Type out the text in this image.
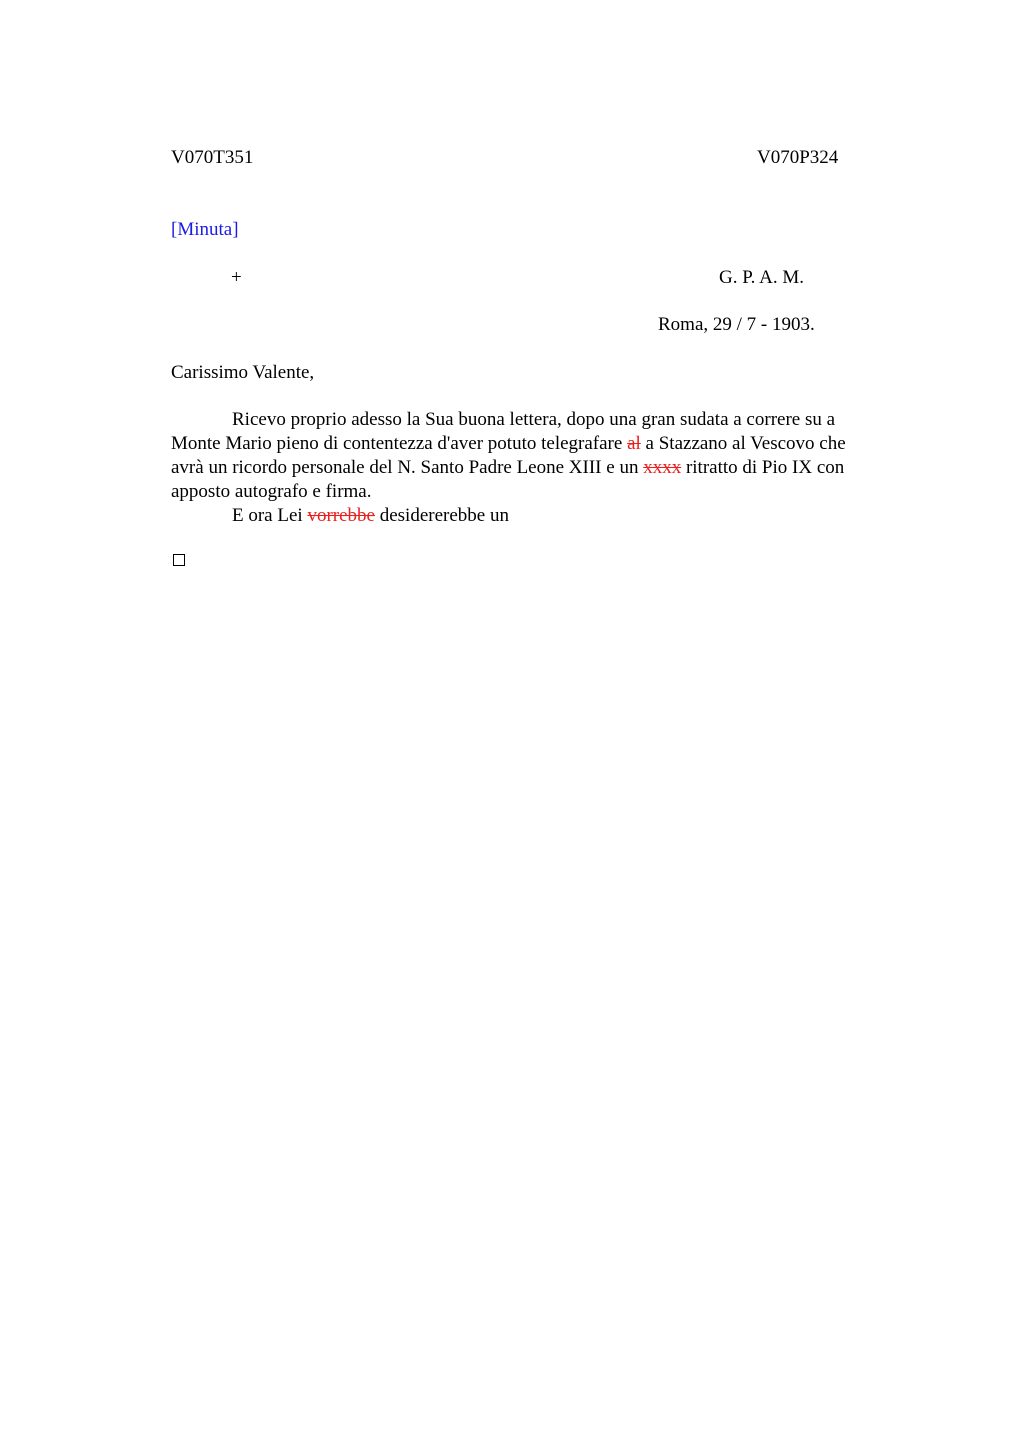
V070T351	V070P324
[Minuta]
+	G. P. A. M.
Roma, 29 / 7 - 1903.
Carissimo Valente,
Ricevo proprio adesso la Sua buona lettera, dopo una gran sudata a correre su a
Monte Mario pieno di contentezza d'aver potuto telegrafare al a Stazzano al Vescovo che
avrà un ricordo personale del N. Santo Padre Leone XIII e un xxxx ritratto di Pio IX con
apposto autografo e firma.
E ora Lei vorrebbe desidererebbe un
